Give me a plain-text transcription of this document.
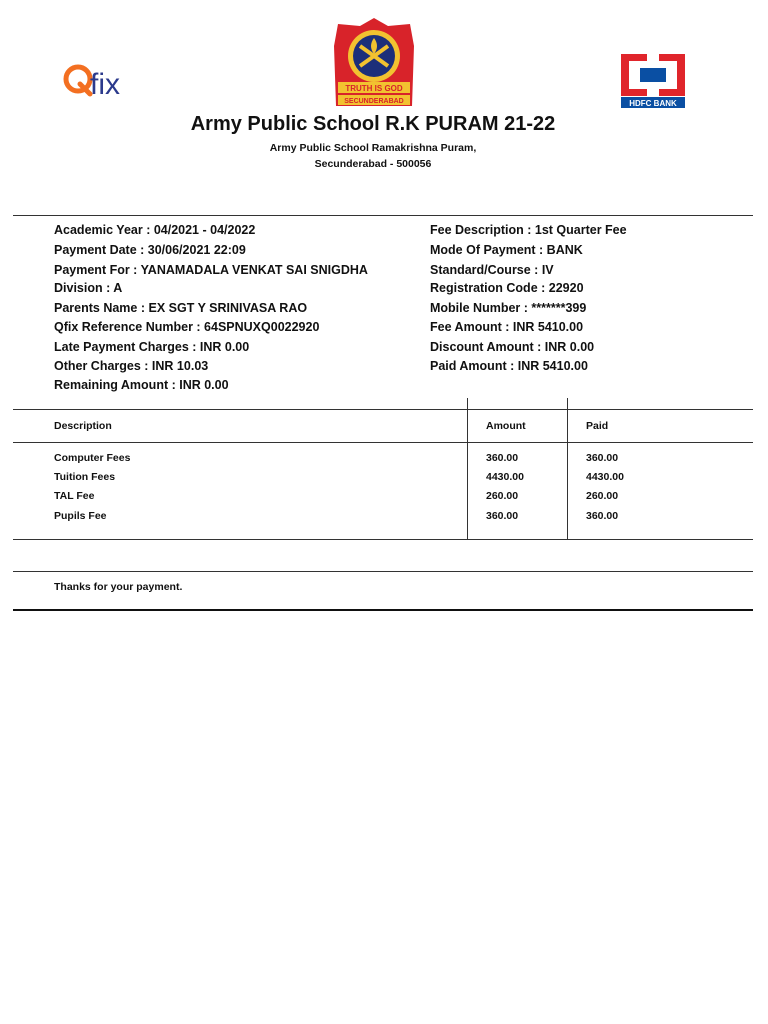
fix	TRUTH IS GOD
SECUNDERABAD	HDFC BANK
Army Public School R.K PURAM 21-22
Army Public School Ramakrishna Puram,
Secunderabad - 500056
Academic Year : 04/2021 - 04/2022
Payment Date : 30/06/2021 22:09
Payment For : YANAMADALA VENKAT SAI SNIGDHA
Division : A
Parents Name : EX SGT Y SRINIVASA RAO
Qfix Reference Number : 64SPNUXQ0022920
Late Payment Charges : INR 0.00
Other Charges : INR 10.03
Remaining Amount : INR 0.00
Fee Description : 1st Quarter Fee
Mode Of Payment : BANK
Standard/Course : IV
Registration Code : 22920
Mobile Number : *******399
Fee Amount : INR 5410.00
Discount Amount : INR 0.00
Paid Amount : INR 5410.00
Description	Amount	Paid
Computer Fees	360.00	360.00
Tuition Fees	4430.00	4430.00
TAL Fee	260.00	260.00
Pupils Fee	360.00	360.00
Thanks for your payment.
